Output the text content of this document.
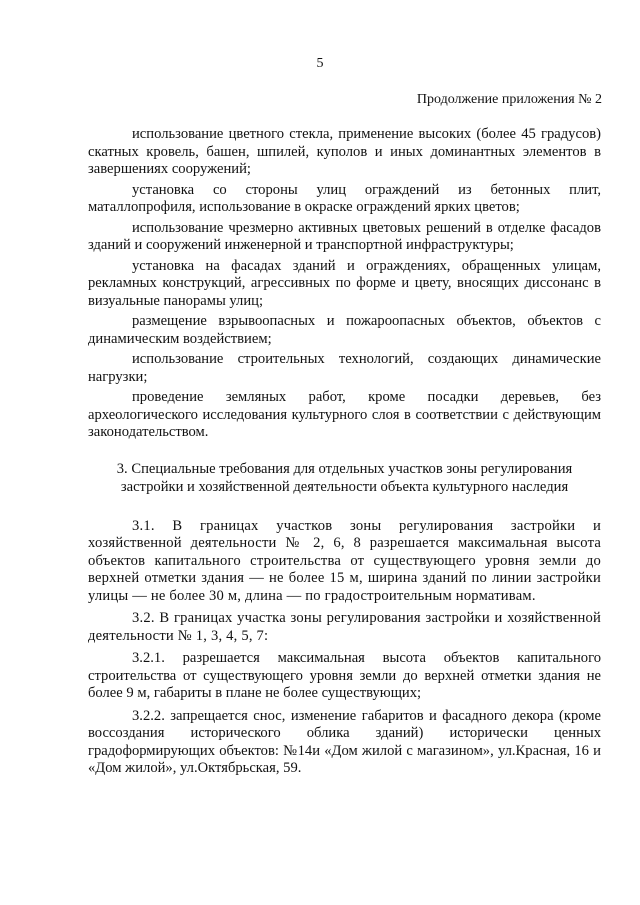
5
Продолжение приложения № 2

использование цветного стекла, применение высоких (более 45 градусов) скатных кровель, башен, шпилей, куполов и иных доминантных элементов в завершениях сооружений;

установка со стороны улиц ограждений из бетонных плит, маталлопрофиля, использование в окраске ограждений ярких цветов;

использование чрезмерно активных цветовых решений в отделке фасадов зданий и сооружений инженерной и транспортной инфраструктуры;

установка на фасадах зданий и ограждениях, обращенных улицам, рекламных конструкций, агрессивных по форме и цвету, вносящих диссонанс в визуальные панорамы улиц;

размещение взрывоопасных и пожароопасных объектов, объектов с динамическим воздействием;

использование строительных технологий, создающих динамические нагрузки;

проведение земляных работ, кроме посадки деревьев, без археологического исследования культурного слоя в соответствии с действующим законодательством.

3. Специальные требования для отдельных участков зоны регулирования застройки и хозяйственной деятельности объекта культурного наследия

3.1. В границах участков зоны регулирования застройки и хозяйственной деятельности № 2, 6, 8 разрешается максимальная высота объектов капитального строительства от существующего уровня земли до верхней отметки здания — не более 15 м, ширина зданий по линии застройки улицы — не более 30 м, длина — по градостроительным нормативам.

3.2. В границах участка зоны регулирования застройки и хозяйственной деятельности № 1, 3, 4, 5, 7:

3.2.1. разрешается максимальная высота объектов капитального строительства от существующего уровня земли до верхней отметки здания не более 9 м, габариты в плане не более существующих;

3.2.2. запрещается снос, изменение габаритов и фасадного декора (кроме воссоздания исторического облика зданий) исторически ценных градоформирующих объектов: №14и «Дом жилой с магазином», ул.Красная, 16 и «Дом жилой», ул.Октябрьская, 59.
